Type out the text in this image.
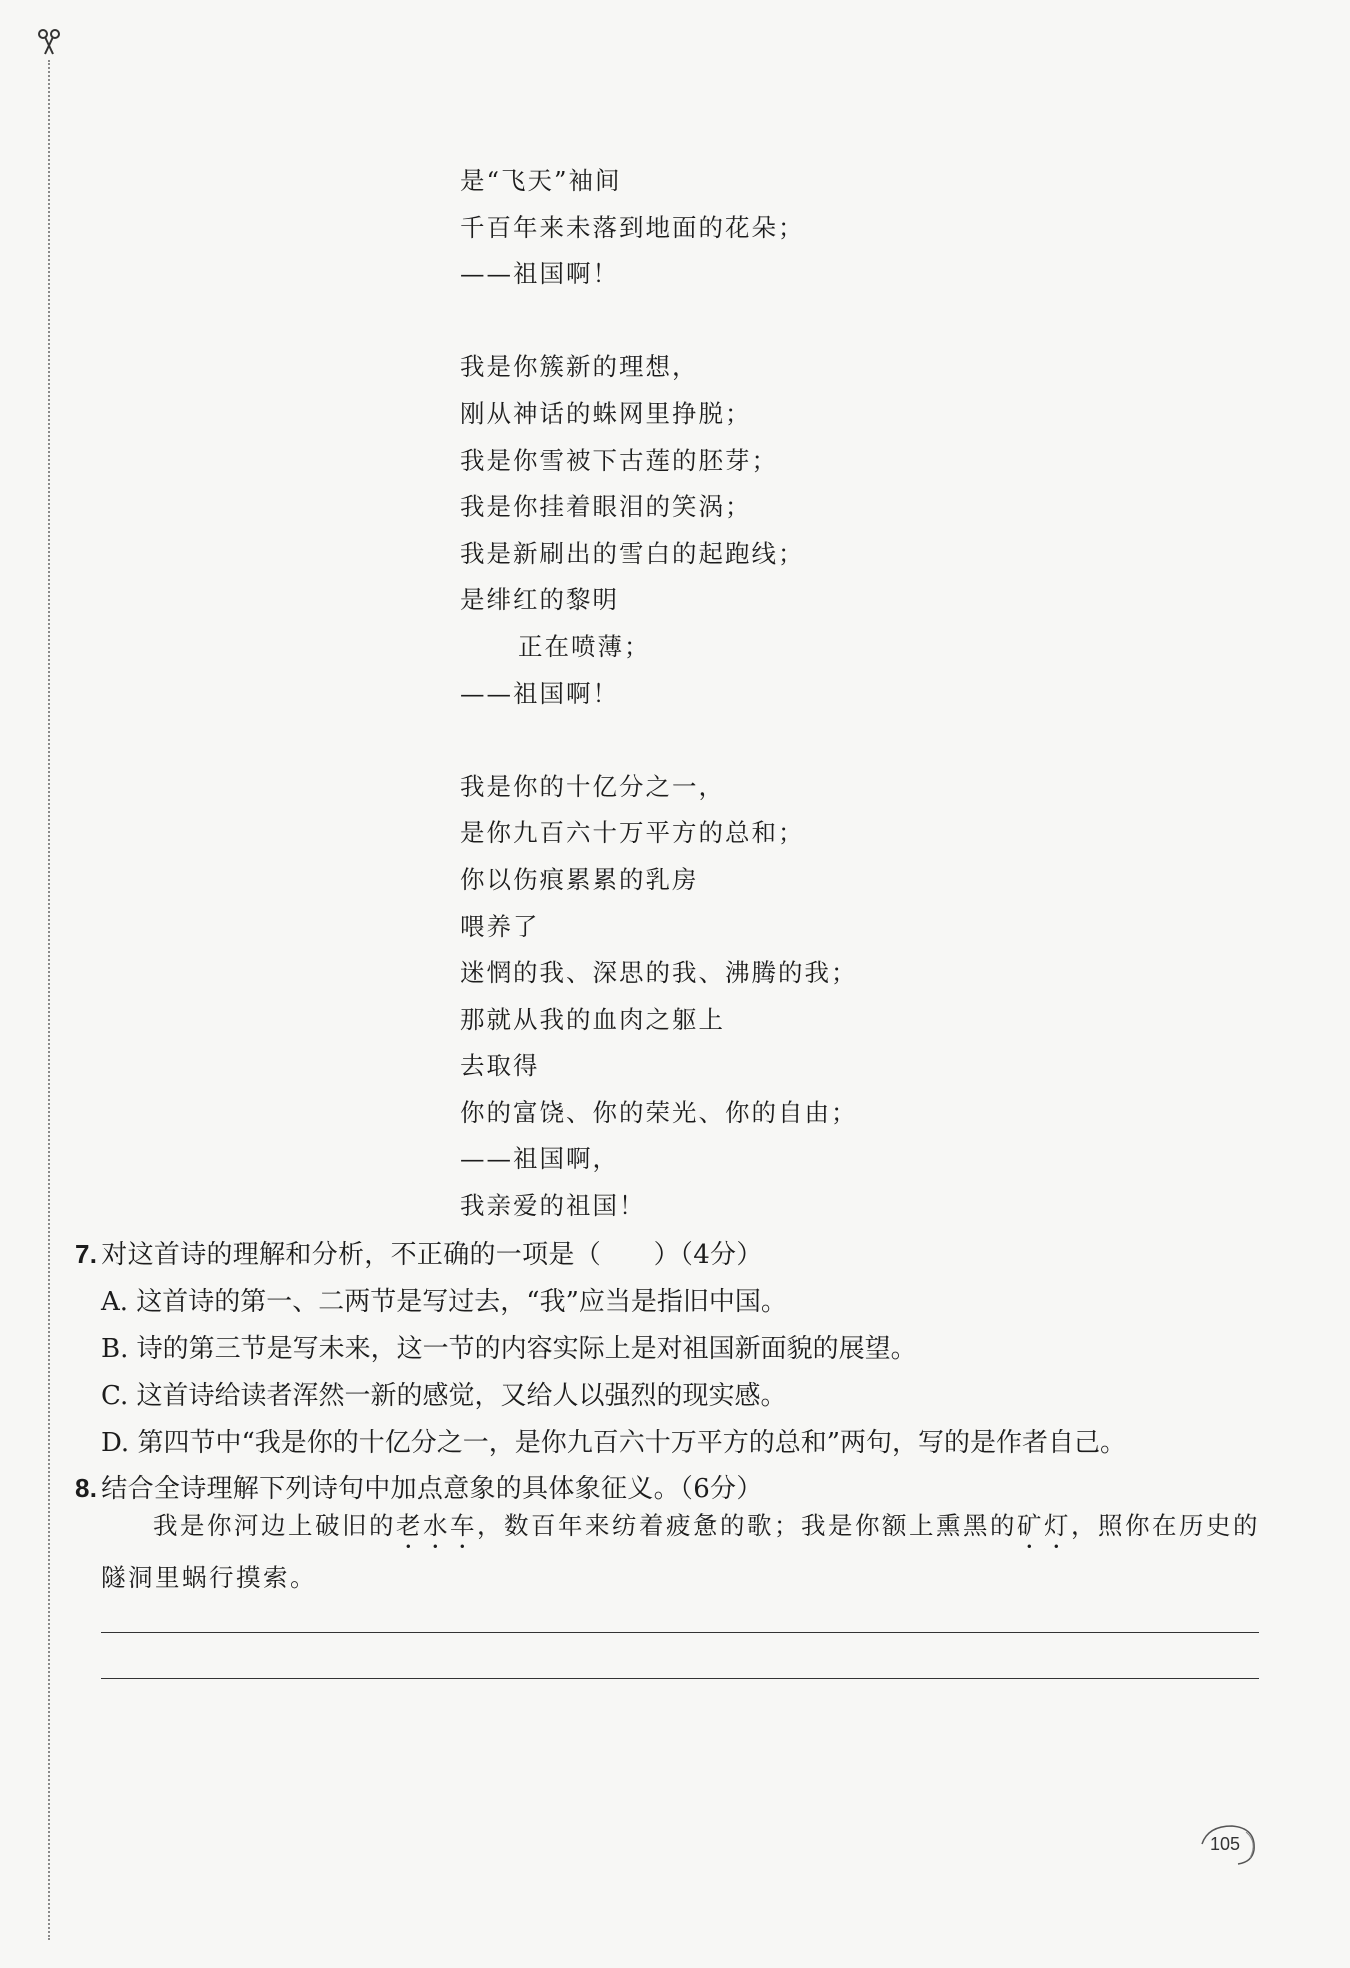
是“飞天”袖间
千百年来未落到地面的花朵；
——祖国啊！
我是你簇新的理想，
刚从神话的蛛网里挣脱；
我是你雪被下古莲的胚芽；
我是你挂着眼泪的笑涡；
我是新刷出的雪白的起跑线；
是绯红的黎明
正在喷薄；
——祖国啊！
我是你的十亿分之一，
是你九百六十万平方的总和；
你以伤痕累累的乳房
喂养了
迷惘的我、深思的我、沸腾的我；
那就从我的血肉之躯上
去取得
你的富饶、你的荣光、你的自由；
——祖国啊，
我亲爱的祖国！
7. 对这首诗的理解和分析，不正确的一项是（　　）（4分）
A. 这首诗的第一、二两节是写过去，“我”应当是指旧中国。
B. 诗的第三节是写未来，这一节的内容实际上是对祖国新面貌的展望。
C. 这首诗给读者浑然一新的感觉，又给人以强烈的现实感。
D. 第四节中“我是你的十亿分之一，是你九百六十万平方的总和”两句，写的是作者自己。
8. 结合全诗理解下列诗句中加点意象的具体象征义。（6分）
我是你河边上破旧的老水车，数百年来纺着疲惫的歌；我是你额上熏黑的矿灯，照你在历史的隧洞里蜗行摸索。
105
